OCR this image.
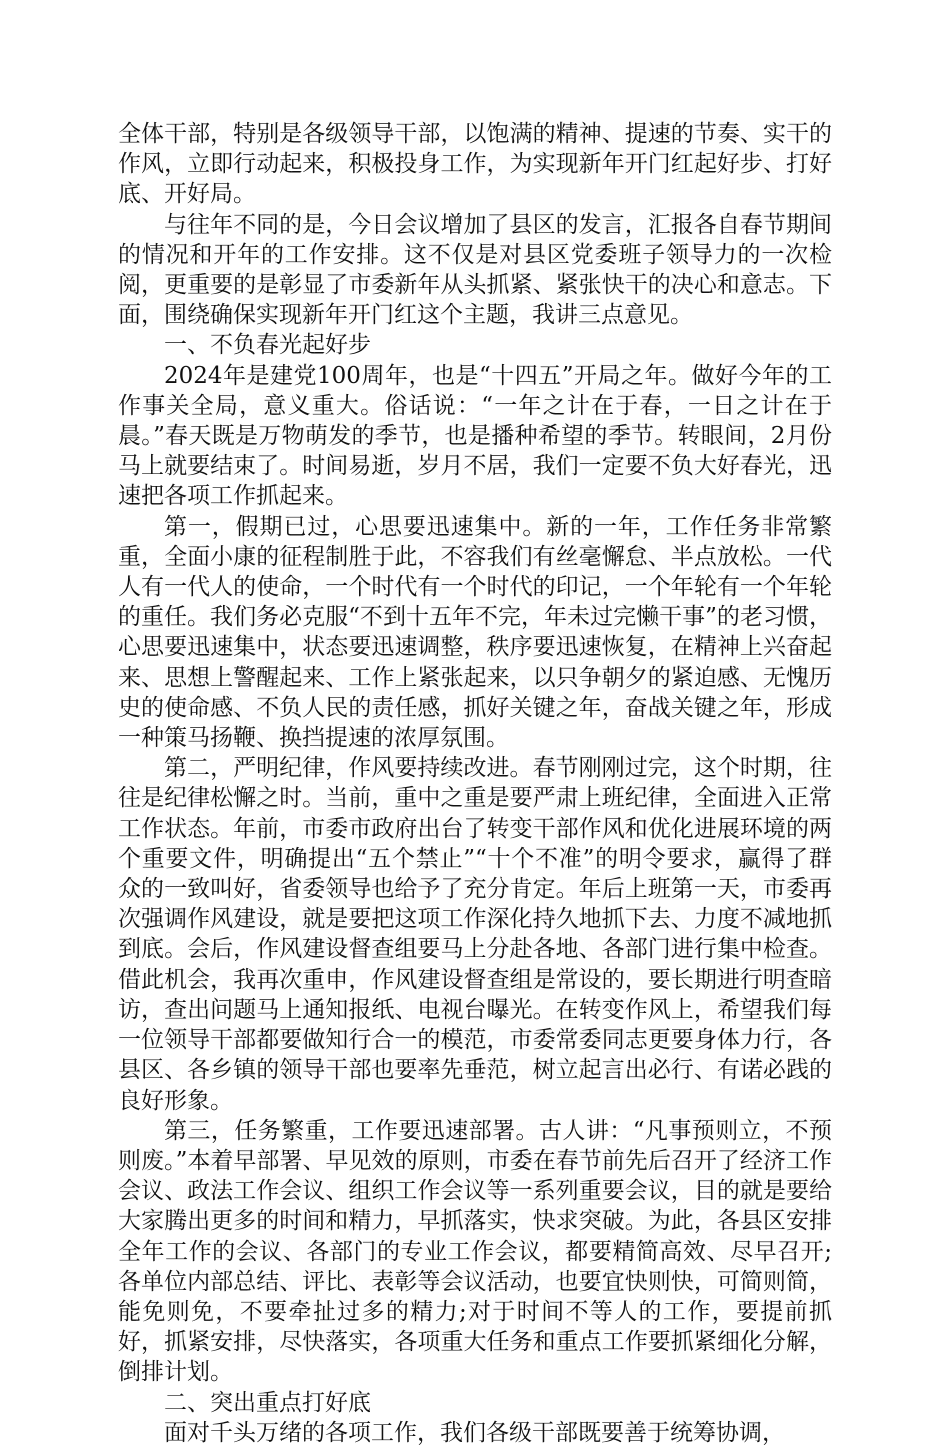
全体干部，特别是各级领导干部，以饱满的精神、提速的节奏、实干的作风，立即行动起来，积极投身工作，为实现新年开门红起好步、打好底、开好局。

与往年不同的是，今日会议增加了县区的发言，汇报各自春节期间的情况和开年的工作安排。这不仅是对县区党委班子领导力的一次检阅，更重要的是彰显了市委新年从头抓紧、紧张快干的决心和意志。下面，围绕确保实现新年开门红这个主题，我讲三点意见。

一、不负春光起好步

2024年是建党100周年，也是“十四五”开局之年。做好今年的工作事关全局，意义重大。俗话说：“一年之计在于春，一日之计在于晨。”春天既是万物萌发的季节，也是播种希望的季节。转眼间，2月份马上就要结束了。时间易逝，岁月不居，我们一定要不负大好春光，迅速把各项工作抓起来。

第一，假期已过，心思要迅速集中。新的一年，工作任务非常繁重，全面小康的征程制胜于此，不容我们有丝毫懈怠、半点放松。一代人有一代人的使命，一个时代有一个时代的印记，一个年轮有一个年轮的重任。我们务必克服“不到十五年不完，年未过完懒干事”的老习惯，心思要迅速集中，状态要迅速调整，秩序要迅速恢复，在精神上兴奋起来、思想上警醒起来、工作上紧张起来，以只争朝夕的紧迫感、无愧历史的使命感、不负人民的责任感，抓好关键之年，奋战关键之年，形成一种策马扬鞭、换挡提速的浓厚氛围。

第二，严明纪律，作风要持续改进。春节刚刚过完，这个时期，往往是纪律松懈之时。当前，重中之重是要严肃上班纪律，全面进入正常工作状态。年前，市委市政府出台了转变干部作风和优化进展环境的两个重要文件，明确提出“五个禁止”“十个不准”的明令要求，赢得了群众的一致叫好，省委领导也给予了充分肯定。年后上班第一天，市委再次强调作风建设，就是要把这项工作深化持久地抓下去、力度不减地抓到底。会后，作风建设督查组要马上分赴各地、各部门进行集中检查。借此机会，我再次重申，作风建设督查组是常设的，要长期进行明查暗访，查出问题马上通知报纸、电视台曝光。在转变作风上，希望我们每一位领导干部都要做知行合一的模范，市委常委同志更要身体力行，各县区、各乡镇的领导干部也要率先垂范，树立起言出必行、有诺必践的良好形象。

第三，任务繁重，工作要迅速部署。古人讲：“凡事预则立，不预则废。”本着早部署、早见效的原则，市委在春节前先后召开了经济工作会议、政法工作会议、组织工作会议等一系列重要会议，目的就是要给大家腾出更多的时间和精力，早抓落实，快求突破。为此，各县区安排全年工作的会议、各部门的专业工作会议，都要精简高效、尽早召开;各单位内部总结、评比、表彰等会议活动，也要宜快则快，可简则简，能免则免，不要牵扯过多的精力;对于时间不等人的工作，要提前抓好，抓紧安排，尽快落实，各项重大任务和重点工作要抓紧细化分解，倒排计划。

二、突出重点打好底

面对千头万绪的各项工作，我们各级干部既要善于统筹协调，
